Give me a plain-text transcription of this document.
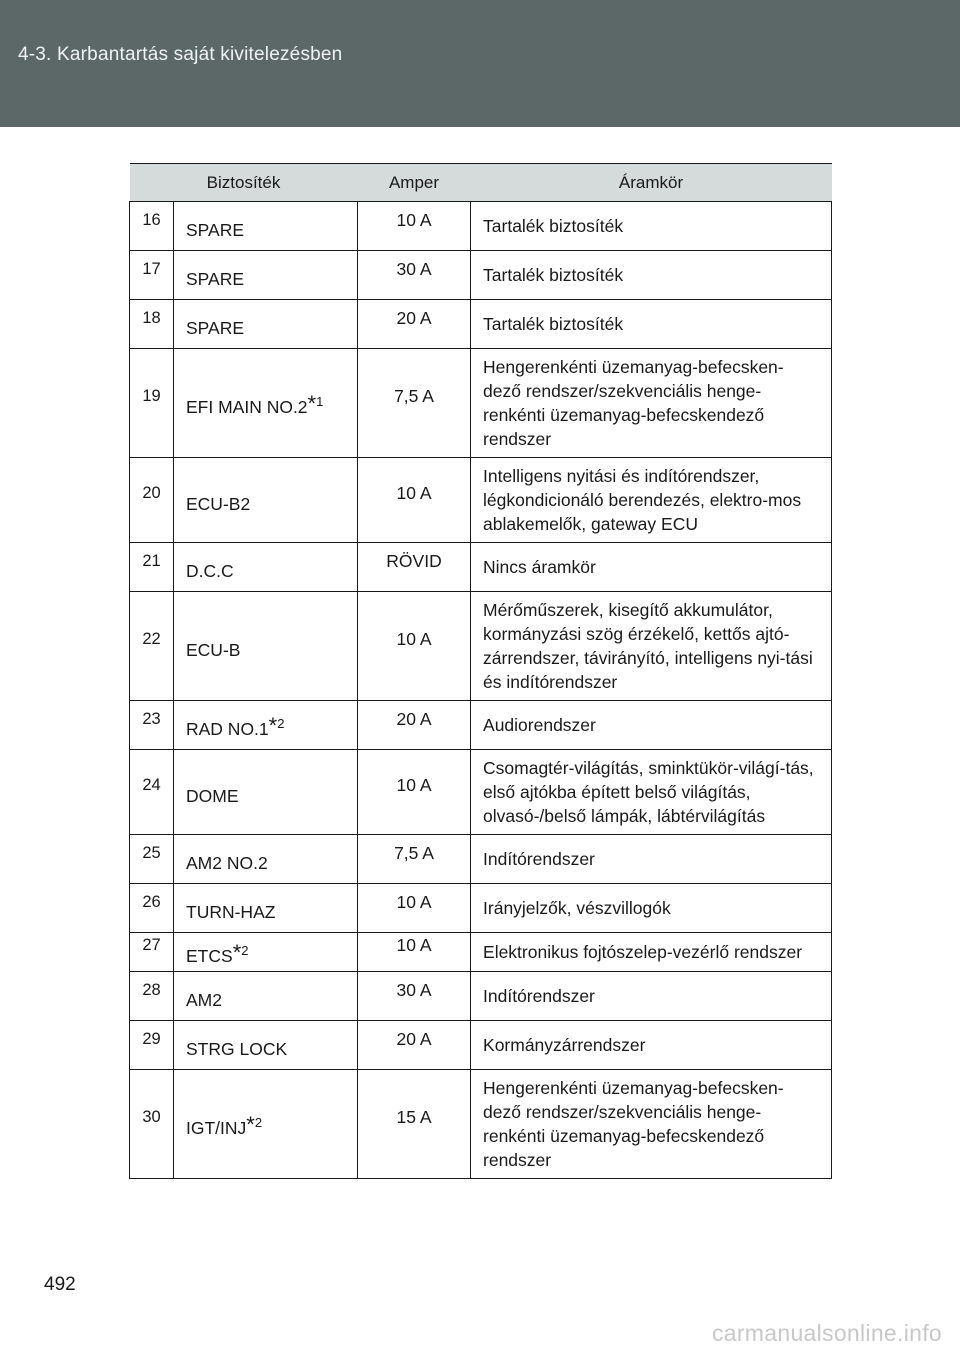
4-3. Karbantartás saját kivitelezésben
Biztosíték		Amper	Áramkör
16	SPARE	10 A	Tartalék biztosíték
17	SPARE	30 A	Tartalék biztosíték
18	SPARE	20 A	Tartalék biztosíték
19	EFI MAIN NO.2*$^1$	7,5 A	Hengerenkénti üzemanyag-befecsken-dező rendszer/szekvenciális henge-renkénti üzemanyag-befecskendező rendszer
20	ECU-B2	10 A	Intelligens nyitási és indítórendszer, légkondicionáló berendezés, elektro-mos ablakemelők, gateway ECU
21	D.C.C	RÖVID	Nincs áramkör
22	ECU-B	10 A	Mérőműszerek, kisegítő akkumulátor, kormányzási szög érzékelő, kettős ajtó-zárrendszer, távirányító, intelligens nyi-tási és indítórendszer
23	RAD NO.1*$^2$	20 A	Audiorendszer
24	DOME	10 A	Csomagtér-világítás, sminktükör-világí-tás, első ajtókba épített belső világítás, olvasó-/belső lámpák, lábtérvilágítás
25	AM2 NO.2	7,5 A	Indítórendszer
26	TURN-HAZ	10 A	Irányjelzők, vészvillogók
27	ETCS*$^2$	10 A	Elektronikus fojtószelep-vezérlő rendszer
28	AM2	30 A	Indítórendszer
29	STRG LOCK	20 A	Kormányzárrendszer
30	IGT/INJ*$^2$	15 A	Hengerenkénti üzemanyag-befecsken-dező rendszer/szekvenciális henge-renkénti üzemanyag-befecskendező rendszer
492
carmanualsonline.info
